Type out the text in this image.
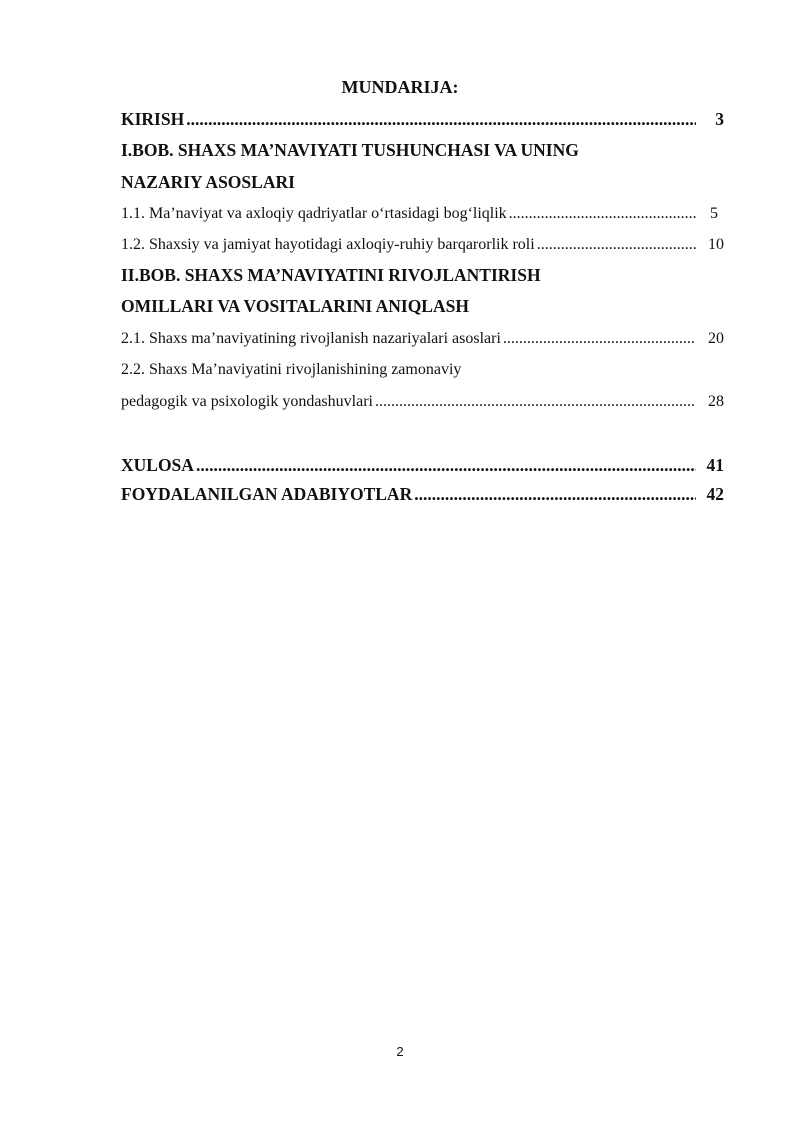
MUNDARIJA:
KIRISH .....	3
I.BOB. SHAXS MA’NAVIYATI TUSHUNCHASI VA UNING
NAZARIY ASOSLARI
1.1. Ma’naviyat va axloqiy qadriyatlar oʻrtasidagi bogʻliqlik .....	5
1.2. Shaxsiy va jamiyat hayotidagi axloqiy-ruhiy barqarorlik roli .....	10
II.BOB. SHAXS MA’NAVIYATINI RIVOJLANTIRISH
OMILLARI VA VOSITALARINI ANIQLASH
2.1. Shaxs ma’naviyatining rivojlanish nazariyalari asoslari .....	20
2.2. Shaxs Ma’naviyatini rivojlanishining zamonaviy
pedagogik va psixologik yondashuvlari .....	28
XULOSA .....	41
FOYDALANILGAN ADABIYOTLAR .....	42
2
